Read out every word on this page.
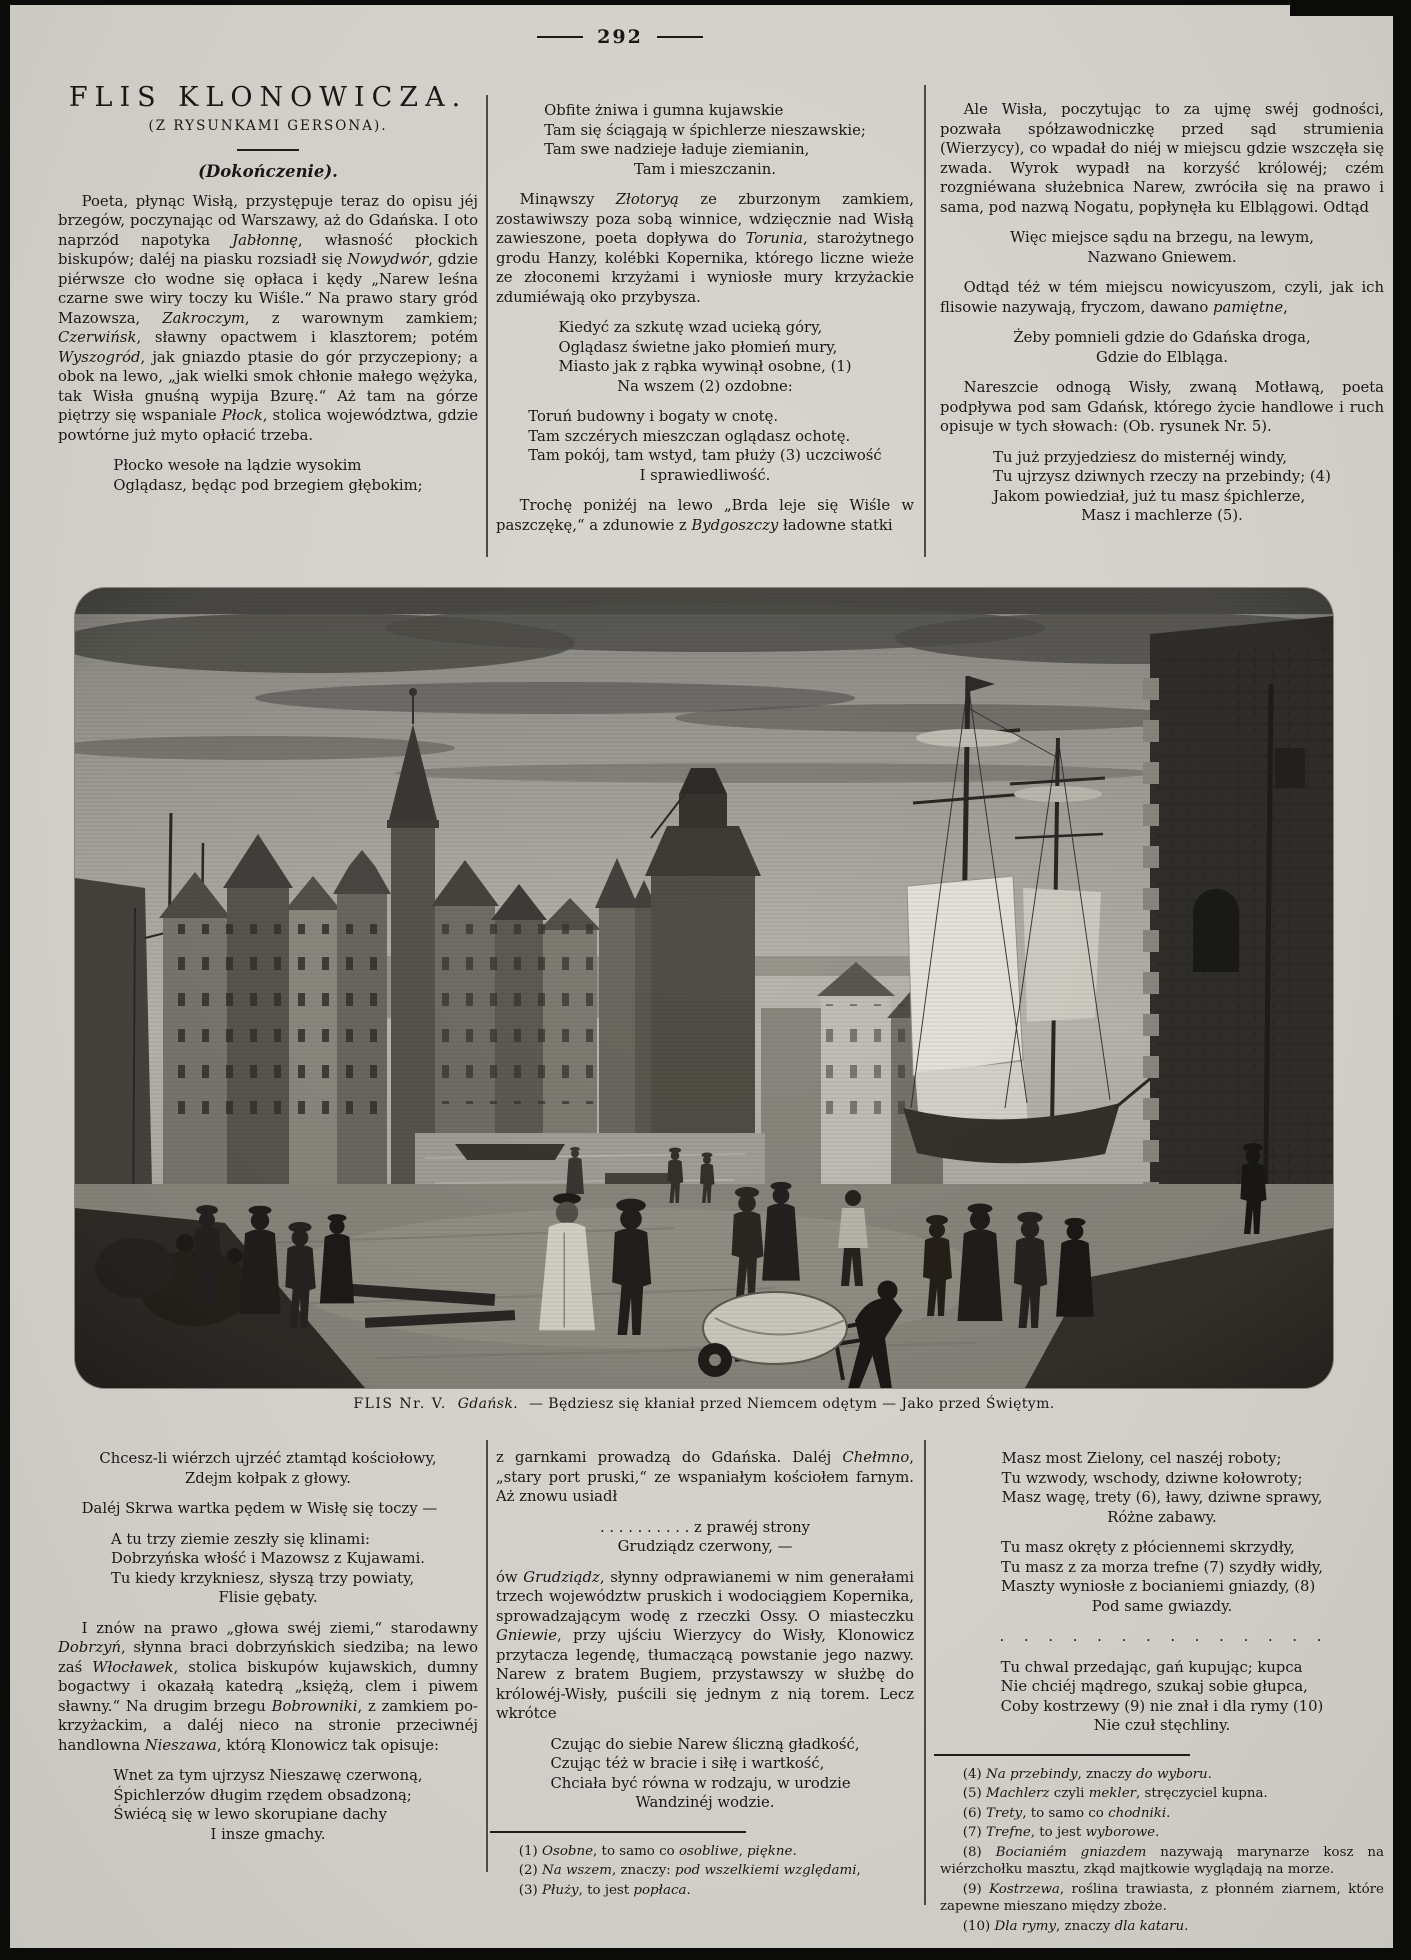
292
FLIS KLONOWICZA.
(Z RYSUNKAMI GERSONA).
(Dokończenie).

Poeta, płynąc Wisłą, przystępuje teraz do opisu jéj brzegów, poczynając od Warszawy, aż do Gdańska. I oto naprzód napotyka Jabłonnę, własność płockich biskupów; daléj na piasku rozsiadł się Nowydwór, gdzie piérwsze cło wodne się opłaca i kędy „Narew leśna czarne swe wiry toczy ku Wiśle.“ Na prawo stary gród Mazowsza, Zakroczym, z warownym zamkiem; Czerwińsk, sławny opactwem i klasztorem; potém Wyszogród, jak gniazdo ptasie do gór przyczepiony; a obok na lewo, „jak wielki smok chłonie małego wężyka, tak Wisła gnuśną wypija Bzurę.“ Aż tam na górze piętrzy się wspaniale Płock, stolica województwa, gdzie powtórne już myto opłacić trzeba.

Płocko wesołe na lądzie wysokim
Oglądasz, będąc pod brzegiem głębokim;
Obfite żniwa i gumna kujawskie
Tam się ściągają w śpichlerze nieszawskie;
Tam swe nadzieje ładuje ziemianin,
Tam i mieszczanin.

Minąwszy Złotoryą ze zburzonym zamkiem, zostawiwszy poza sobą winnice, wdzięcznie nad Wisłą zawieszone, poeta dopływa do Torunia, starożytnego grodu Hanzy, kolébki Kopernika, którego liczne wieże ze złoconemi krzyżami i wyniosłe mury krzyżackie zdumiéwają oko przybysza.

Kiedyć za szkutę wzad ucieką góry,
Oglądasz świetne jako płomień mury,
Miasto jak z rąbka wywinął osobne, (1)
Na wszem (2) ozdobne:
Toruń budowny i bogaty w cnotę.
Tam szczérych mieszczan oglądasz ochotę.
Tam pokój, tam wstyd, tam płuży (3) uczciwość
I sprawiedliwość.

Trochę poniżéj na lewo „Brda leje się Wiśle w paszczękę,“ a zdunowie z Bydgoszczy ładowne statki

Ale Wisła, poczytując to za ujmę swéj godności, pozwała spółzawodniczkę przed sąd strumienia (Wierzycy), co wpadał do niéj w miejscu gdzie wszczęła się zwada. Wyrok wypadł na korzyść królowéj; czém rozgniéwana służebnica Narew, zwróciła się na prawo i sama, pod nazwą Nogatu, popłynęła ku Elblągowi. Odtąd

Więc miejsce sądu na brzegu, na lewym,
Nazwano Gniewem.

Odtąd téż w tém miejscu nowicyuszom, czyli, jak ich flisowie nazywają, fryczom, dawano pamiętne,

Żeby pomnieli gdzie do Gdańska droga,
Gdzie do Elbląga.

Nareszcie odnogą Wisły, zwaną Motławą, poeta podpływa pod sam Gdańsk, którego życie handlowe i ruch opisuje w tych słowach: (Ob. rysunek Nr. 5).

Tu już przyjedziesz do misternéj windy,
Tu ujrzysz dziwnych rzeczy na przebindy; (4)
Jakom powiedział, już tu masz śpichlerze,
Masz i machlerze (5).
FLIS Nr. V. Gdańsk. — Będziesz się kłaniał przed Niemcem odętym — Jako przed Świętym.
Chcesz-li wiérzch ujrzéć ztamtąd kościołowy,
Zdejm kołpak z głowy.

Daléj Skrwa wartka pędem w Wisłę się toczy —

A tu trzy ziemie zeszły się klinami:
Dobrzyńska włość i Mazowsz z Kujawami.
Tu kiedy krzykniesz, słyszą trzy powiaty,
Flisie gębaty.

I znów na prawo „głowa swéj ziemi,“ starodawny Dobrzyń, słynna braci dobrzyńskich siedziba; na lewo zaś Włocławek, stolica biskupów kujawskich, dumny bogactwy i okazałą katedrą „księżą, clem i piwem sławny.“ Na drugim brzegu Bobrowniki, z zamkiem po-krzyżackim, a daléj nieco na stronie przeciwnéj handlowna Nieszawa, którą Klonowicz tak opisuje:

Wnet za tym ujrzysz Nieszawę czerwoną,
Śpichlerzów długim rzędem obsadzoną;
Świécą się w lewo skorupiane dachy
I insze gmachy.

z garnkami prowadzą do Gdańska. Daléj Chełmno, „stary port pruski,“ ze wspaniałym kościołem farnym. Aż znowu usiadł

. . . . . . . . . . z prawéj strony
Grudziądz czerwony, —

ów Grudziądz, słynny odprawianemi w nim generałami trzech województw pruskich i wodociągiem Kopernika, sprowadzającym wodę z rzeczki Ossy. O miasteczku Gniewie, przy ujściu Wierzycy do Wisły, Klonowicz przytacza legendę, tłumaczącą powstanie jego nazwy. Narew z bratem Bugiem, przystawszy w służbę do królowéj-Wisły, puścili się jednym z nią torem. Lecz wkrótce

Czując do siebie Narew śliczną gładkość,
Czując téż w bracie i siłę i wartkość,
Chciała być równa w rodzaju, w urodzie
Wandzinéj wodzie.

(1) Osobne, to samo co osobliwe, piękne.

(2) Na wszem, znaczy: pod wszelkiemi względami,

(3) Płuży, to jest popłaca.

Masz most Zielony, cel naszéj roboty;
Tu wzwody, wschody, dziwne kołowroty;
Masz wagę, trety (6), ławy, dziwne sprawy,
Różne zabawy.
Tu masz okręty z płóciennemi skrzydły,
Tu masz z za morza trefne (7) szydły widły,
Maszty wyniosłe z bocianiemi gniazdy, (8)
Pod same gwiazdy.
. . . . . . . . . . . . . .
Tu chwal przedając, gań kupując; kupca
Nie chciéj mądrego, szukaj sobie głupca,
Coby kostrzewy (9) nie znał i dla rymy (10)
Nie czuł stęchliny.

(4) Na przebindy, znaczy do wyboru.

(5) Machlerz czyli mekler, stręczyciel kupna.

(6) Trety, to samo co chodniki.

(7) Trefne, to jest wyborowe.

(8) Bocianiém gniazdem nazywają marynarze kosz na wiérzchołku masztu, zkąd majtkowie wyglądają na morze.

(9) Kostrzewa, roślina trawiasta, z płonném ziarnem, które zapewne mieszano między zboże.

(10) Dla rymy, znaczy dla kataru.
